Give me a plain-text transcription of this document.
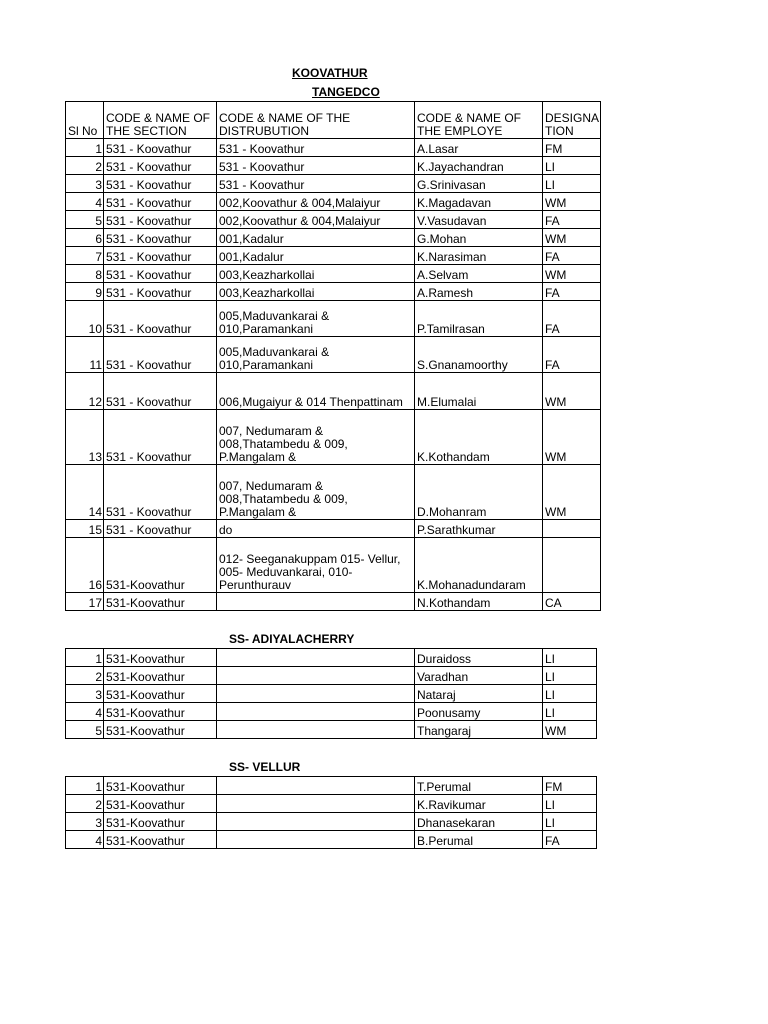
KOOVATHUR
TANGEDCO
Sl No	CODE & NAME OF THE SECTION	CODE & NAME OF THE DISTRUBUTION	CODE & NAME OF THE EMPLOYE	DESIGNA TION
1	531 - Koovathur	531 - Koovathur	A.Lasar	FM
2	531 - Koovathur	531 - Koovathur	K.Jayachandran	LI
3	531 - Koovathur	531 - Koovathur	G.Srinivasan	LI
4	531 - Koovathur	002,Koovathur & 004,Malaiyur	K.Magadavan	WM
5	531 - Koovathur	002,Koovathur & 004,Malaiyur	V.Vasudavan	FA
6	531 - Koovathur	001,Kadalur	G.Mohan	WM
7	531 - Koovathur	001,Kadalur	K.Narasiman	FA
8	531 - Koovathur	003,Keazharkollai	A.Selvam	WM
9	531 - Koovathur	003,Keazharkollai	A.Ramesh	FA
10	531 - Koovathur	005,Maduvankarai & 010,Paramankani	P.Tamilrasan	FA
11	531 - Koovathur	005,Maduvankarai & 010,Paramankani	S.Gnanamoorthy	FA
12	531 - Koovathur	006,Mugaiyur & 014 Thenpattinam	M.Elumalai	WM
13	531 - Koovathur	007, Nedumaram & 008,Thatambedu & 009, P.Mangalam &	K.Kothandam	WM
14	531 - Koovathur	007, Nedumaram & 008,Thatambedu & 009, P.Mangalam &	D.Mohanram	WM
15	531 - Koovathur	do	P.Sarathkumar	
16	531-Koovathur	012- Seeganakuppam 015- Vellur, 005- Meduvankarai, 010- Perunthurauv	K.Mohanadundaram	
17	531-Koovathur		N.Kothandam	CA
SS- ADIYALACHERRY
1	531-Koovathur		Duraidoss	LI
2	531-Koovathur		Varadhan	LI
3	531-Koovathur		Nataraj	LI
4	531-Koovathur		Poonusamy	LI
5	531-Koovathur		Thangaraj	WM
SS- VELLUR
1	531-Koovathur		T.Perumal	FM
2	531-Koovathur		K.Ravikumar	LI
3	531-Koovathur		Dhanasekaran	LI
4	531-Koovathur		B.Perumal	FA
